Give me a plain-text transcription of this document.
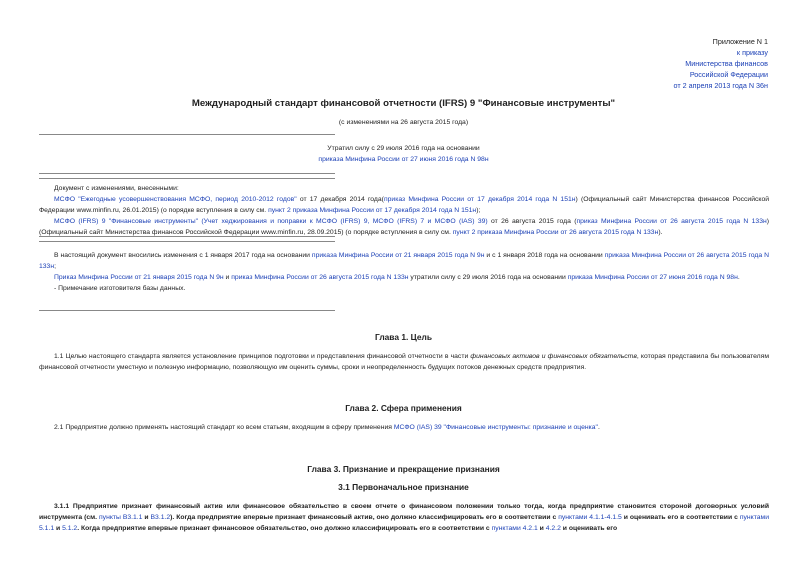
Приложение N 1
к приказу
Министерства финансов
Российской Федерации
от 2 апреля 2013 года N 36н
Международный стандарт финансовой отчетности (IFRS) 9 "Финансовые инструменты"
(с изменениями на 26 августа 2015 года)
Утратил силу с 29 июля 2016 года на основании
приказа Минфина России от 27 июня 2016 года N 98н

Документ с изменениями, внесенными:

МСФО "Ежегодные усовершенствования МСФО, период 2010-2012 годов" от 17 декабря 2014 года(приказ Минфина России от 17 декабря 2014 года N 151н) (Официальный сайт Министерства финансов Российской Федерации www.minfin.ru, 26.01.2015) (о порядке вступления в силу см. пункт 2 приказа Минфина России от 17 декабря 2014 года N 151н);

МСФО (IFRS) 9 "Финансовые инструменты" (Учет хеджирования и поправки к МСФО (IFRS) 9, МСФО (IFRS) 7 и МСФО (IAS) 39) от 26 августа 2015 года (приказ Минфина России от 26 августа 2015 года N 133н) (Официальный сайт Министерства финансов Российской Федерации www.minfin.ru, 28.09.2015) (о порядке вступления в силу см. пункт 2 приказа Минфина России от 26 августа 2015 года N 133н).

В настоящий документ вносились изменения с 1 января 2017 года на основании приказа Минфина России от 21 января 2015 года N 9н и с 1 января 2018 года на основании приказа Минфина России от 26 августа 2015 года N 133н;

Приказ Минфина России от 21 января 2015 года N 9н и приказ Минфина России от 26 августа 2015 года N 133н утратили силу с 29 июля 2016 года на основании приказа Минфина России от 27 июня 2016 года N 98н.

- Примечание изготовителя базы данных.

Глава 1. Цель

1.1 Целью настоящего стандарта является установление принципов подготовки и представления финансовой отчетности в части финансовых активов и финансовых обязательств, которая представила бы пользователям финансовой отчетности уместную и полезную информацию, позволяющую им оценить суммы, сроки и неопределенность будущих потоков денежных средств предприятия.

Глава 2. Сфера применения

2.1 Предприятие должно применять настоящий стандарт ко всем статьям, входящим в сферу применения МСФО (IAS) 39 "Финансовые инструменты: признание и оценка".

Глава 3. Признание и прекращение признания
3.1 Первоначальное признание

3.1.1 Предприятие признает финансовый актив или финансовое обязательство в своем отчете о финансовом положении только тогда, когда предприятие становится стороной договорных условий инструмента (см. пункты В3.1.1 и В3.1.2). Когда предприятие впервые признает финансовый актив, оно должно классифицировать его в соответствии с пунктами 4.1.1-4.1.5 и оценивать его в соответствии с пунктами 5.1.1 и 5.1.2. Когда предприятие впервые признает финансовое обязательство, оно должно классифицировать его в соответствии с пунктами 4.2.1 и 4.2.2 и оценивать его
